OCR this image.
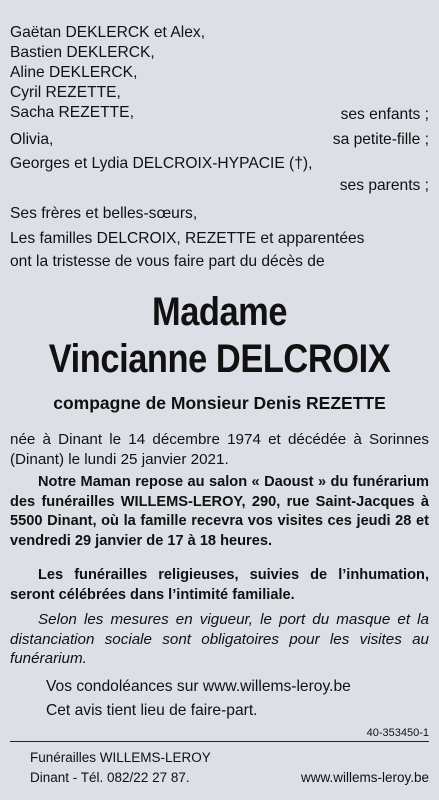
Gaëtan DEKLERCK et Alex,
Bastien DEKLERCK,
Aline DEKLERCK,
Cyril REZETTE,
Sacha REZETTE,	ses enfants ;
Olivia,	sa petite-fille ;
Georges et Lydia DELCROIX-HYPACIE (†),
ses parents ;
Ses frères et belles-sœurs,
Les familles DELCROIX, REZETTE et apparentées
ont la tristesse de vous faire part du décès de
Madame
Vincianne DELCROIX
compagne de Monsieur Denis REZETTE
née à Dinant le 14 décembre 1974 et décédée à Sorinnes (Dinant) le lundi 25 janvier 2021.
Notre Maman repose au salon « Daoust » du funérarium des funérailles WILLEMS-LEROY, 290, rue Saint-Jacques à 5500 Dinant, où la famille recevra vos visites ces jeudi 28 et vendredi 29 janvier de 17 à 18 heures.
Les funérailles religieuses, suivies de l’inhumation, seront célébrées dans l’intimité familiale.
Selon les mesures en vigueur, le port du masque et la distanciation sociale sont obligatoires pour les visites au funérarium.
Vos condoléances sur www.willems-leroy.be
Cet avis tient lieu de faire-part.
40-353450-1
Funérailles WILLEMS-LEROY
Dinant - Tél. 082/22 27 87.	www.willems-leroy.be
